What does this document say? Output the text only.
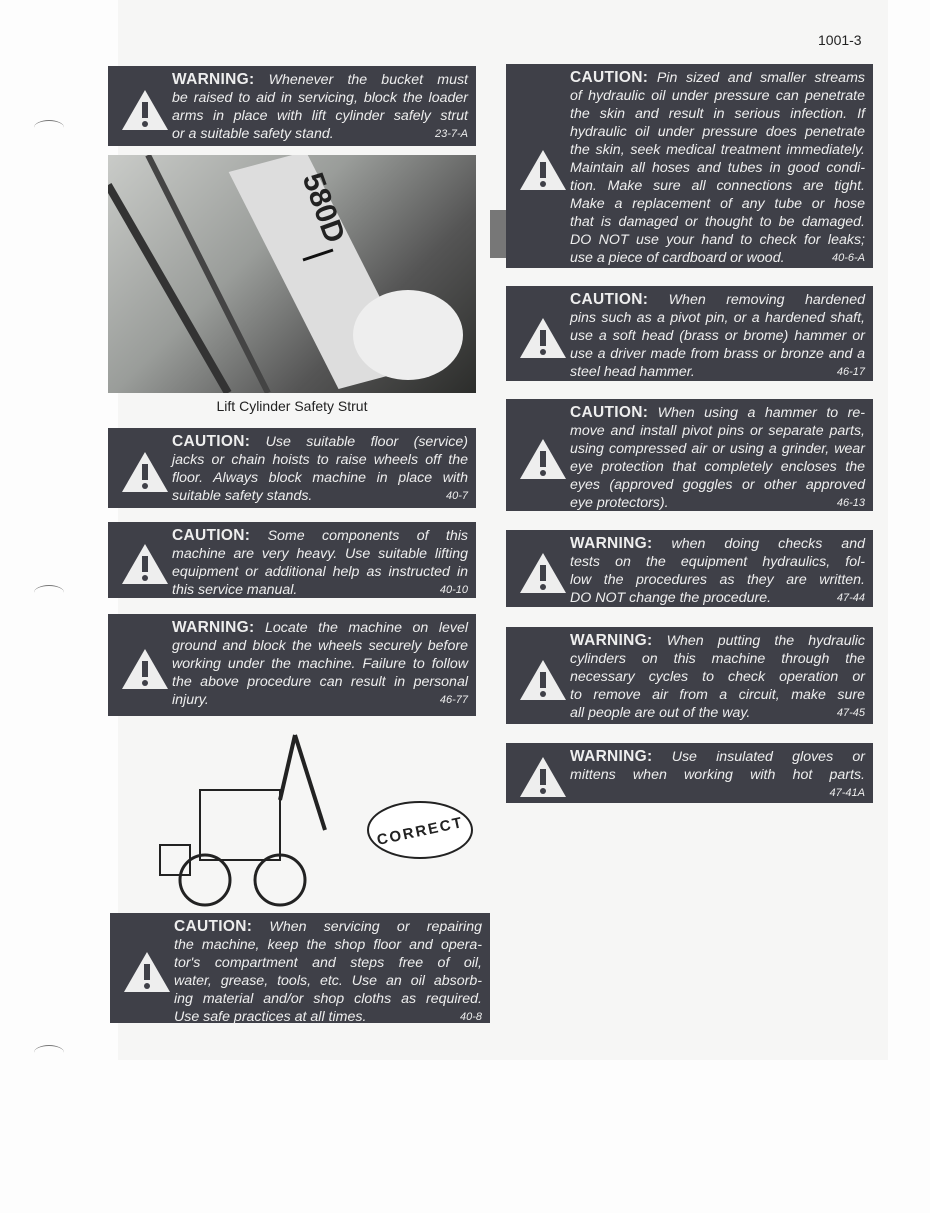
1001-3
580D
Lift Cylinder Safety Strut
CORRECT
WARNING: Whenever the bucket must
be raised to aid in servicing, block the loader
arms in place with lift cylinder safely strut
or a suitable safety stand.	23-7-A
CAUTION: Use suitable floor (service)
jacks or chain hoists to raise wheels off the
floor. Always block machine in place with
suitable safety stands.	40-7
CAUTION: Some components of this
machine are very heavy. Use suitable lifting
equipment or additional help as instructed in
this service manual.	40-10
WARNING: Locate the machine on level
ground and block the wheels securely before
working under the machine. Failure to follow
the above procedure can result in personal
injury.	46-77
CAUTION: When servicing or repairing
the machine, keep the shop floor and opera-
tor's compartment and steps free of oil,
water, grease, tools, etc. Use an oil absorb-
ing material and/or shop cloths as required.
Use safe practices at all times.	40-8
CAUTION: Pin sized and smaller streams
of hydraulic oil under pressure can penetrate
the skin and result in serious infection. If
hydraulic oil under pressure does penetrate
the skin, seek medical treatment immediately.
Maintain all hoses and tubes in good condi-
tion. Make sure all connections are tight.
Make a replacement of any tube or hose
that is damaged or thought to be damaged.
DO NOT use your hand to check for leaks;
use a piece of cardboard or wood.	40-6-A
CAUTION: When removing hardened
pins such as a pivot pin, or a hardened shaft,
use a soft head (brass or brome) hammer or
use a driver made from brass or bronze and a
steel head hammer.	46-17
CAUTION: When using a hammer to re-
move and install pivot pins or separate parts,
using compressed air or using a grinder, wear
eye protection that completely encloses the
eyes (approved goggles or other approved
eye protectors).	46-13
WARNING: when doing checks and
tests on the equipment hydraulics, fol-
low the procedures as they are written.
DO NOT change the procedure.	47-44
WARNING: When putting the hydraulic
cylinders on this machine through the
necessary cycles to check operation or
to remove air from a circuit, make sure
all people are out of the way.	47-45
WARNING: Use insulated gloves or
mittens when working with hot parts.
47-41A
